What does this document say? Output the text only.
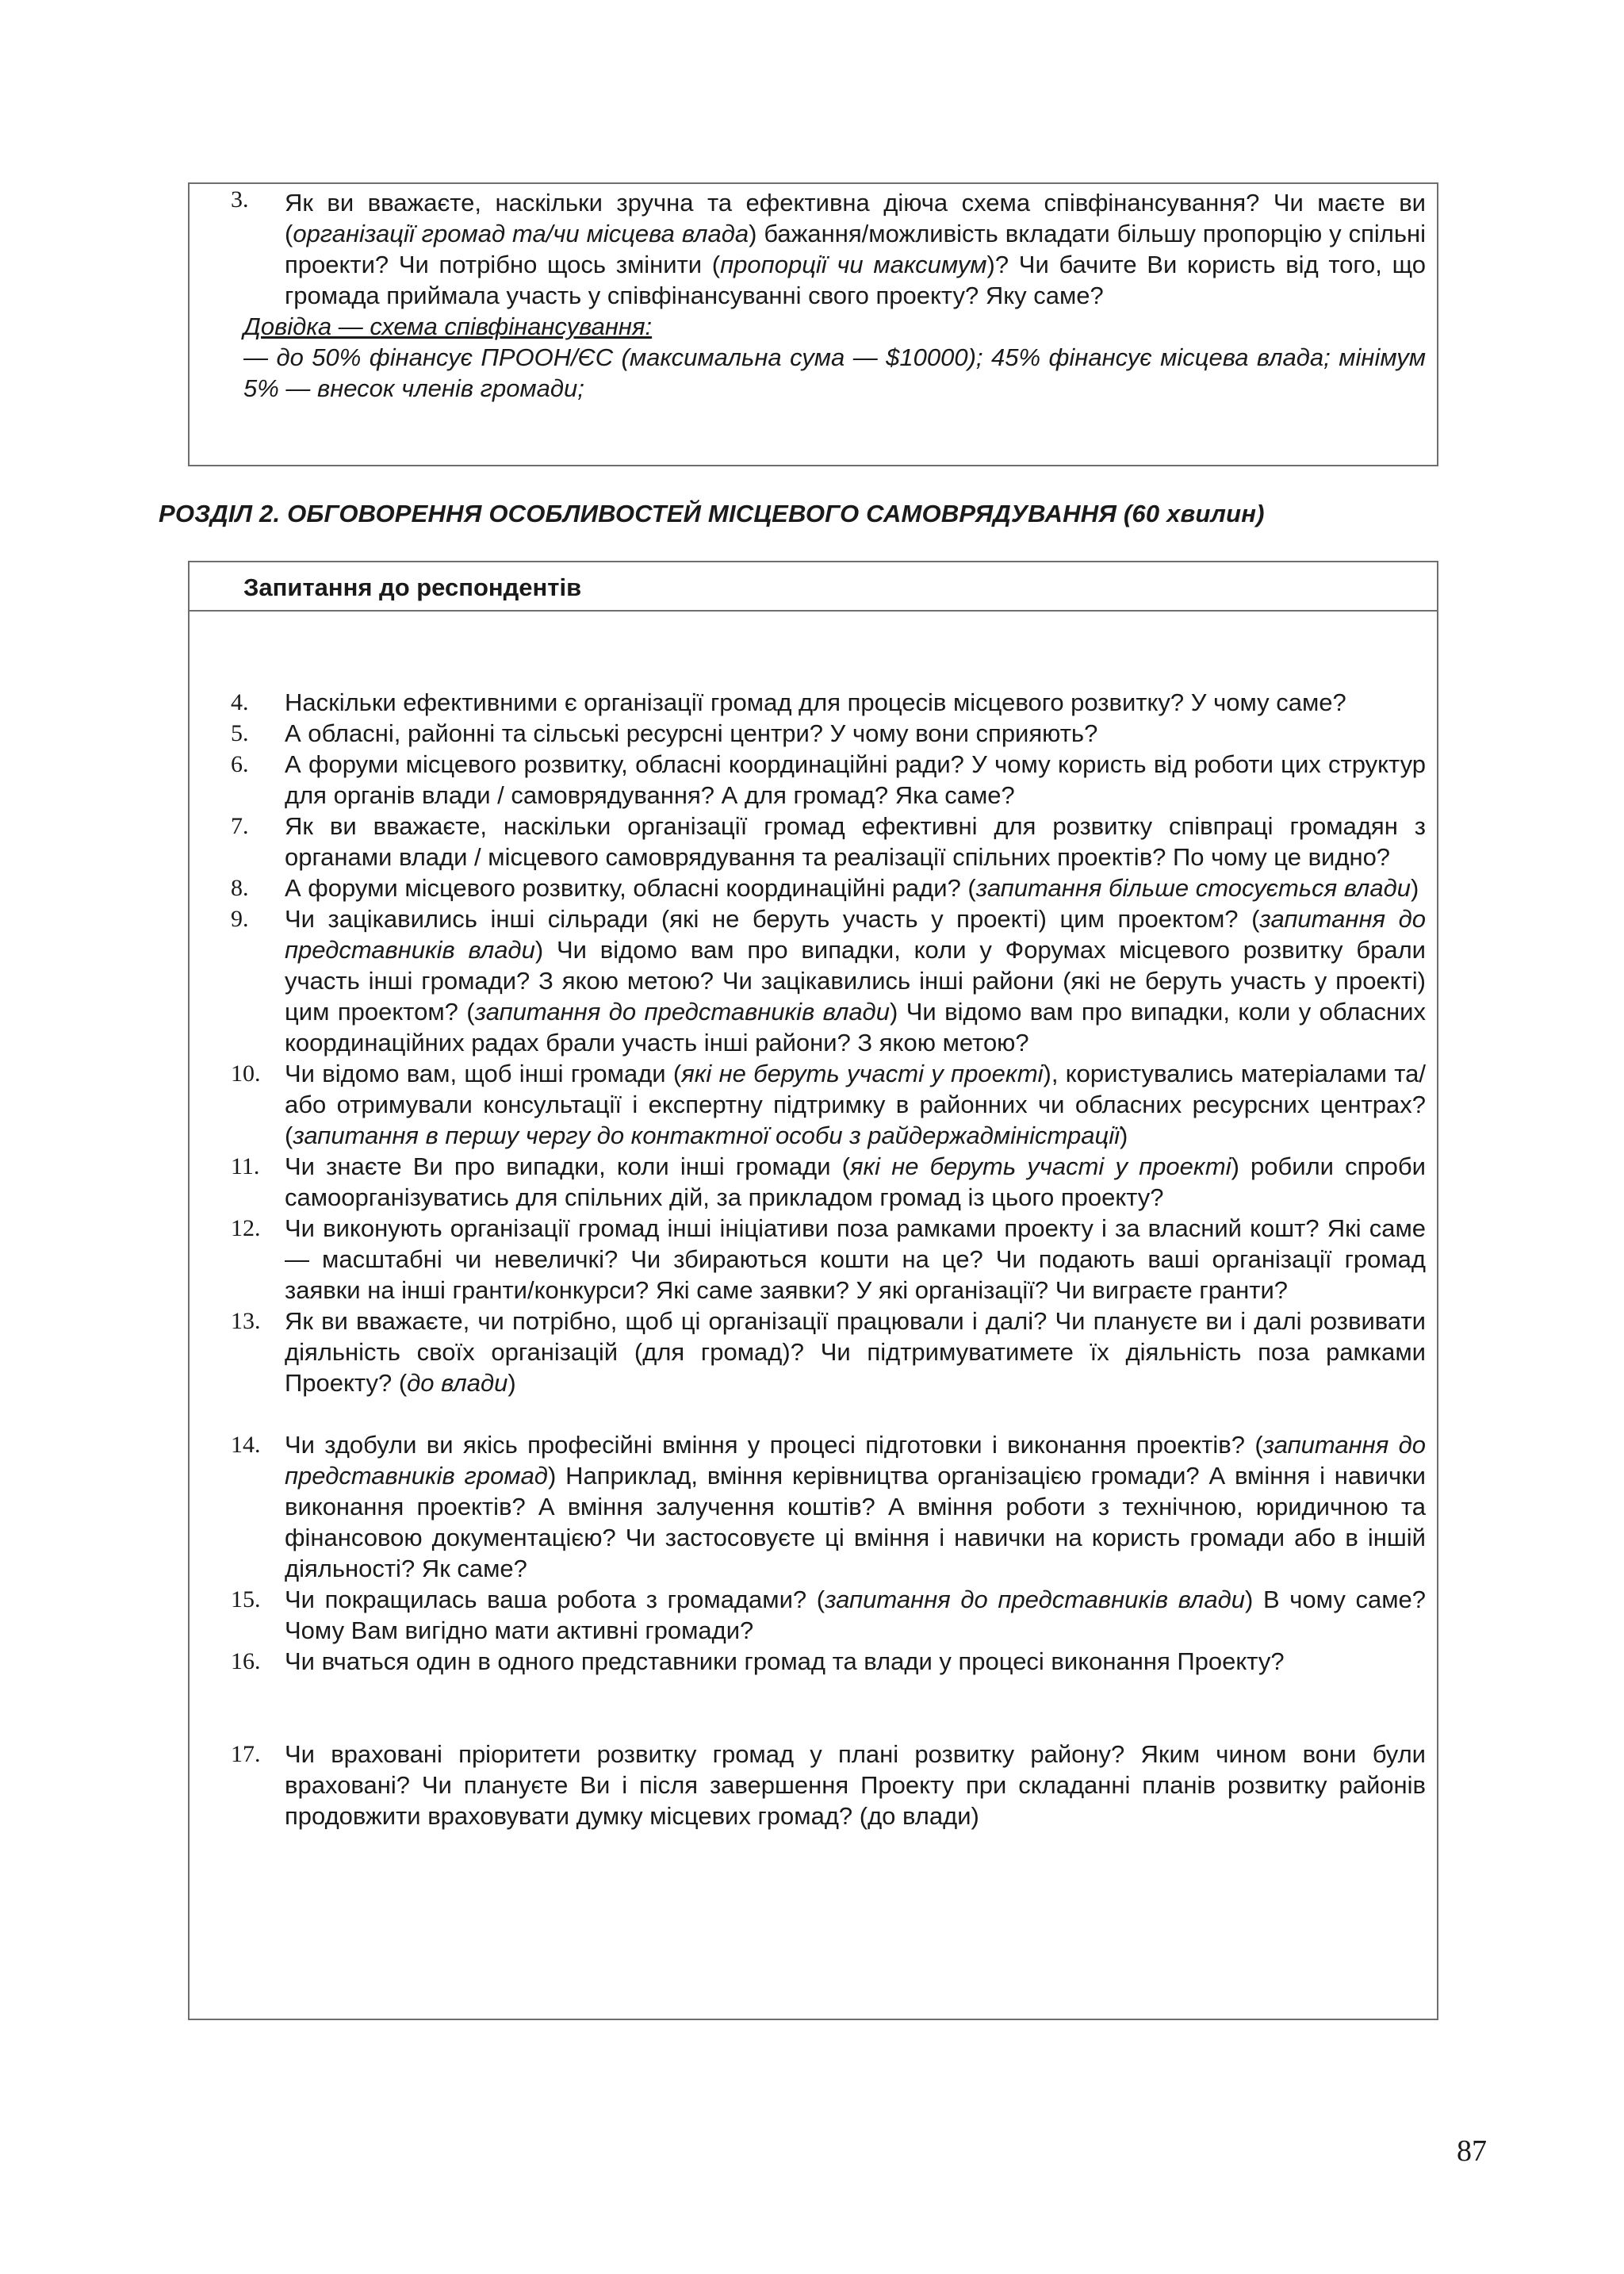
3.	Як ви вважаєте, наскільки зручна та ефективна діюча схема співфінансування? Чи маєте ви (організації громад та/чи місцева влада) бажання/можливість вкладати більшу пропорцію у спільні проекти? Чи потрібно щось змінити (пропорції чи максимум)? Чи бачите Ви користь від того, що громада приймала участь у співфінансуванні свого проекту? Яку саме?
Довідка — схема співфінансування:
— до 50% фінансує ПРООН/ЄС (максимальна сума — $10000); 45% фінансує місцева влада; мінімум 5% — внесок членів громади;
РОЗДІЛ 2. ОБГОВОРЕННЯ ОСОБЛИВОСТЕЙ МІСЦЕВОГО САМОВРЯДУВАННЯ (60 хвилин)
Запитання до респондентів
4.	Наскільки ефективними є організації громад для процесів місцевого розвитку? У чому саме?
5.	А обласні, районні та сільські ресурсні центри? У чому вони сприяють?
6.	А форуми місцевого розвитку, обласні координаційні ради? У чому користь від роботи цих структур для органів влади / самоврядування? А для громад? Яка саме?
7.	Як ви вважаєте, наскільки організації громад ефективні для розвитку співпраці громадян з органами влади / місцевого самоврядування та реалізації спільних проектів? По чому це видно?
8.	А форуми місцевого розвитку, обласні координаційні ради? (запитання більше стосується влади)
9.	Чи зацікавились інші сільради (які не беруть участь у проекті) цим проектом? (запитання до представників влади) Чи відомо вам про випадки, коли у Форумах місцевого розвитку брали участь інші громади? З якою метою? Чи зацікавились інші райони (які не беруть участь у проекті) цим проектом? (запитання до представників влади) Чи відомо вам про випадки, коли у обласних координаційних радах брали участь інші райони? З якою метою?
10. Чи відомо вам, щоб інші громади (які не беруть участі у проекті), користувались матеріалами та/або отримували консультації і експертну підтримку в районних чи обласних ресурсних центрах? (запитання в першу чергу до контактної особи з райдержадміністрації)
11.	Чи знаєте Ви про випадки, коли інші громади (які не беруть участі у проекті) робили спроби самоорганізуватись для спільних дій, за прикладом громад із цього проекту?
12. Чи виконують організації громад інші ініціативи поза рамками проекту і за власний кошт? Які саме — масштабні чи невеличкі? Чи збираються кошти на це? Чи подають ваші організації громад заявки на інші гранти/конкурси? Які саме заявки? У які організації? Чи виграєте гранти?
13. Як ви вважаєте, чи потрібно, щоб ці організації працювали і далі? Чи плануєте ви і далі розвивати діяльність своїх організацій (для громад)? Чи підтримуватимете їх діяльність поза рамками Проекту? (до влади)
14. Чи здобули ви якісь професійні вміння у процесі підготовки і виконання проектів? (запитання до представників громад) Наприклад, вміння керівництва організацією громади? А вміння і навички виконання проектів? А вміння залучення коштів? А вміння роботи з технічною, юридичною та фінансовою документацією? Чи застосовуєте ці вміння і навички на користь громади або в іншій діяльності? Як саме?
15. Чи покращилась ваша робота з громадами? (запитання до представників влади) В чому саме? Чому Вам вигідно мати активні громади?
16. Чи вчаться один в одного представники громад та влади у процесі виконання Проекту?
17. Чи враховані пріоритети розвитку громад у плані розвитку району? Яким чином вони були враховані? Чи плануєте Ви і після завершення Проекту при складанні планів розвитку районів продовжити враховувати думку місцевих громад? (до влади)
87
